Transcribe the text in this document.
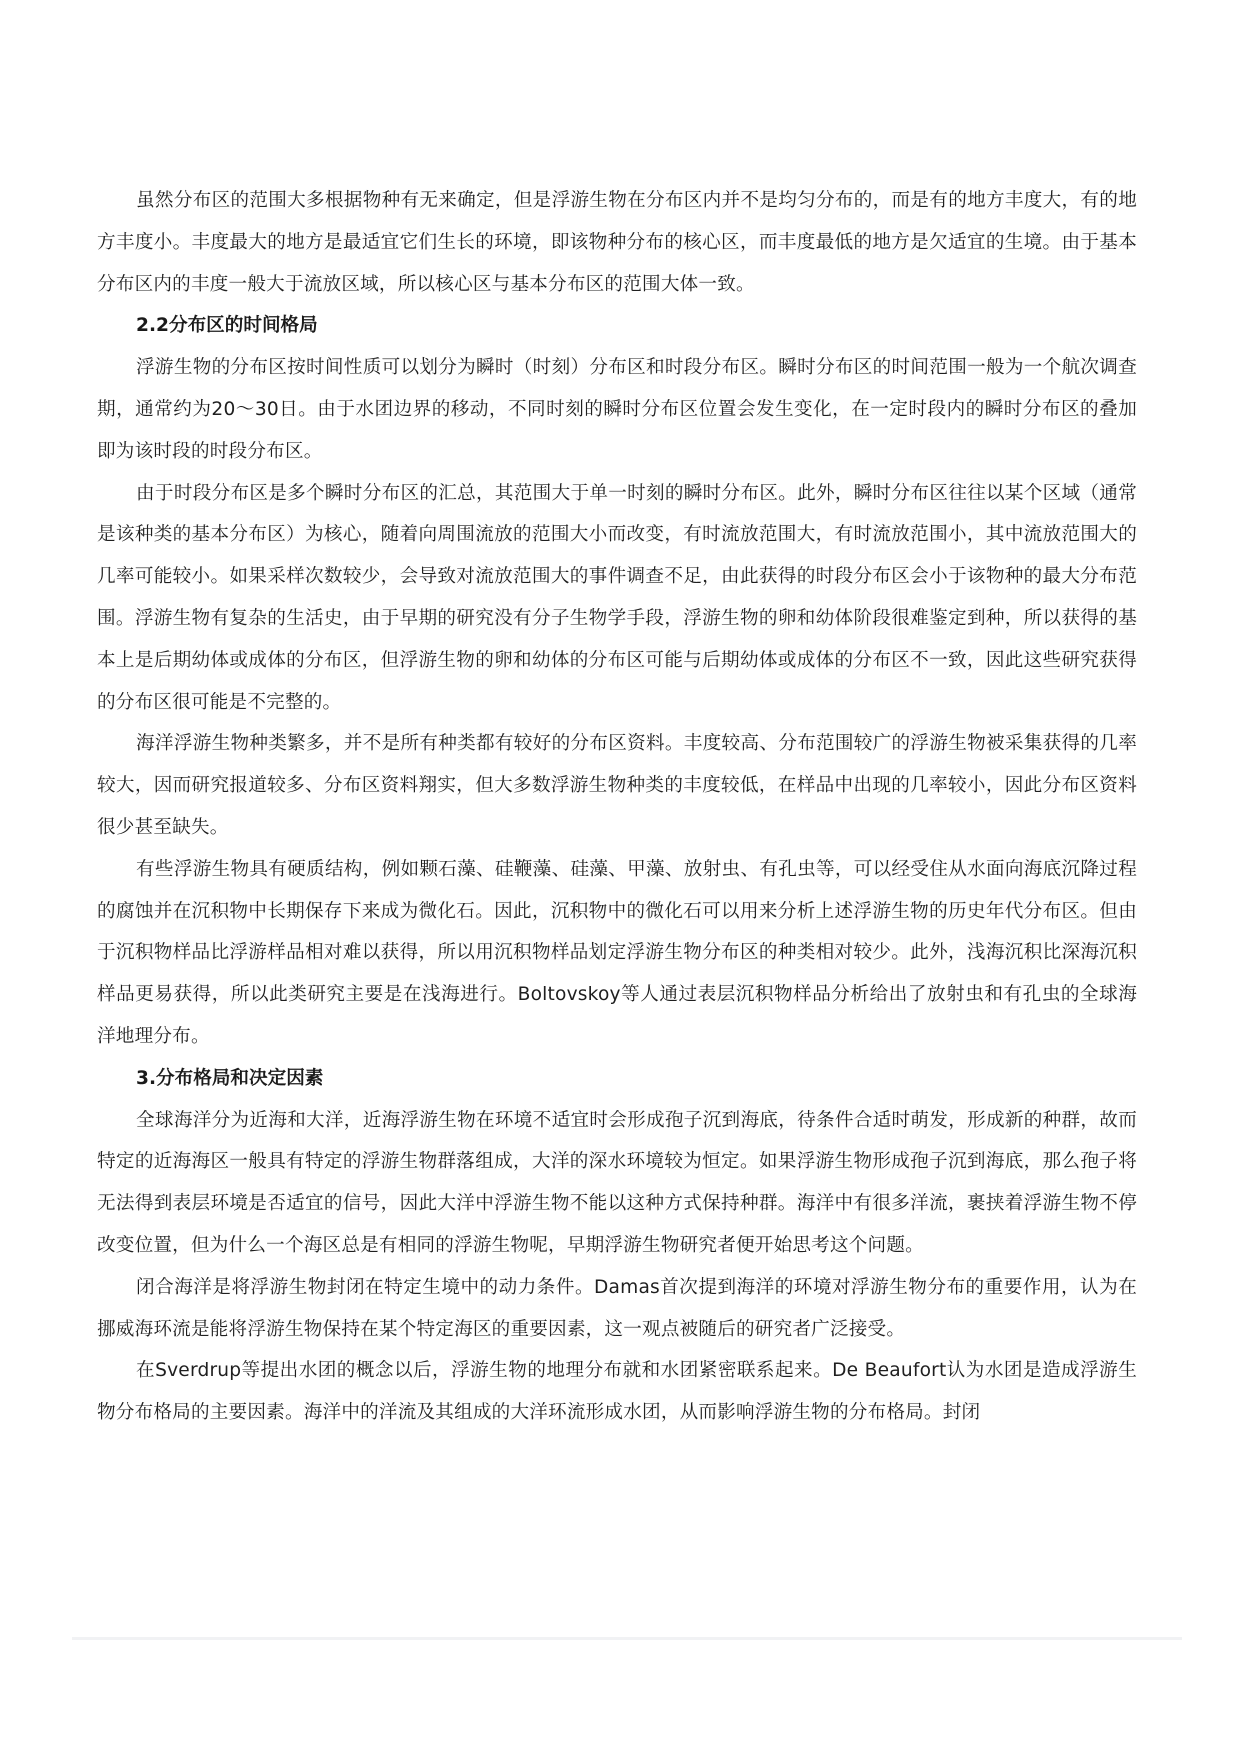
虽然分布区的范围大多根据物种有无来确定，但是浮游生物在分布区内并不是均匀分布的，而是有的地方丰度大，有的地方丰度小。丰度最大的地方是最适宜它们生长的环境，即该物种分布的核心区，而丰度最低的地方是欠适宜的生境。由于基本分布区内的丰度一般大于流放区域，所以核心区与基本分布区的范围大体一致。

2.2分布区的时间格局

浮游生物的分布区按时间性质可以划分为瞬时（时刻）分布区和时段分布区。瞬时分布区的时间范围一般为一个航次调查期，通常约为20～30日。由于水团边界的移动，不同时刻的瞬时分布区位置会发生变化，在一定时段内的瞬时分布区的叠加即为该时段的时段分布区。

由于时段分布区是多个瞬时分布区的汇总，其范围大于单一时刻的瞬时分布区。此外，瞬时分布区往往以某个区域（通常是该种类的基本分布区）为核心，随着向周围流放的范围大小而改变，有时流放范围大，有时流放范围小，其中流放范围大的几率可能较小。如果采样次数较少，会导致对流放范围大的事件调查不足，由此获得的时段分布区会小于该物种的最大分布范围。浮游生物有复杂的生活史，由于早期的研究没有分子生物学手段，浮游生物的卵和幼体阶段很难鉴定到种，所以获得的基本上是后期幼体或成体的分布区，但浮游生物的卵和幼体的分布区可能与后期幼体或成体的分布区不一致，因此这些研究获得的分布区很可能是不完整的。

海洋浮游生物种类繁多，并不是所有种类都有较好的分布区资料。丰度较高、分布范围较广的浮游生物被采集获得的几率较大，因而研究报道较多、分布区资料翔实，但大多数浮游生物种类的丰度较低，在样品中出现的几率较小，因此分布区资料很少甚至缺失。

有些浮游生物具有硬质结构，例如颗石藻、硅鞭藻、硅藻、甲藻、放射虫、有孔虫等，可以经受住从水面向海底沉降过程的腐蚀并在沉积物中长期保存下来成为微化石。因此，沉积物中的微化石可以用来分析上述浮游生物的历史年代分布区。但由于沉积物样品比浮游样品相对难以获得，所以用沉积物样品划定浮游生物分布区的种类相对较少。此外，浅海沉积比深海沉积样品更易获得，所以此类研究主要是在浅海进行。Boltovskoy等人通过表层沉积物样品分析给出了放射虫和有孔虫的全球海洋地理分布。

3.分布格局和决定因素

全球海洋分为近海和大洋，近海浮游生物在环境不适宜时会形成孢子沉到海底，待条件合适时萌发，形成新的种群，故而特定的近海海区一般具有特定的浮游生物群落组成，大洋的深水环境较为恒定。如果浮游生物形成孢子沉到海底，那么孢子将无法得到表层环境是否适宜的信号，因此大洋中浮游生物不能以这种方式保持种群。海洋中有很多洋流，裹挟着浮游生物不停改变位置，但为什么一个海区总是有相同的浮游生物呢，早期浮游生物研究者便开始思考这个问题。

闭合海洋是将浮游生物封闭在特定生境中的动力条件。Damas首次提到海洋的环境对浮游生物分布的重要作用，认为在挪威海环流是能将浮游生物保持在某个特定海区的重要因素，这一观点被随后的研究者广泛接受。

在Sverdrup等提出水团的概念以后，浮游生物的地理分布就和水团紧密联系起来。De Beaufort认为水团是造成浮游生物分布格局的主要因素。海洋中的洋流及其组成的大洋环流形成水团，从而影响浮游生物的分布格局。封闭
